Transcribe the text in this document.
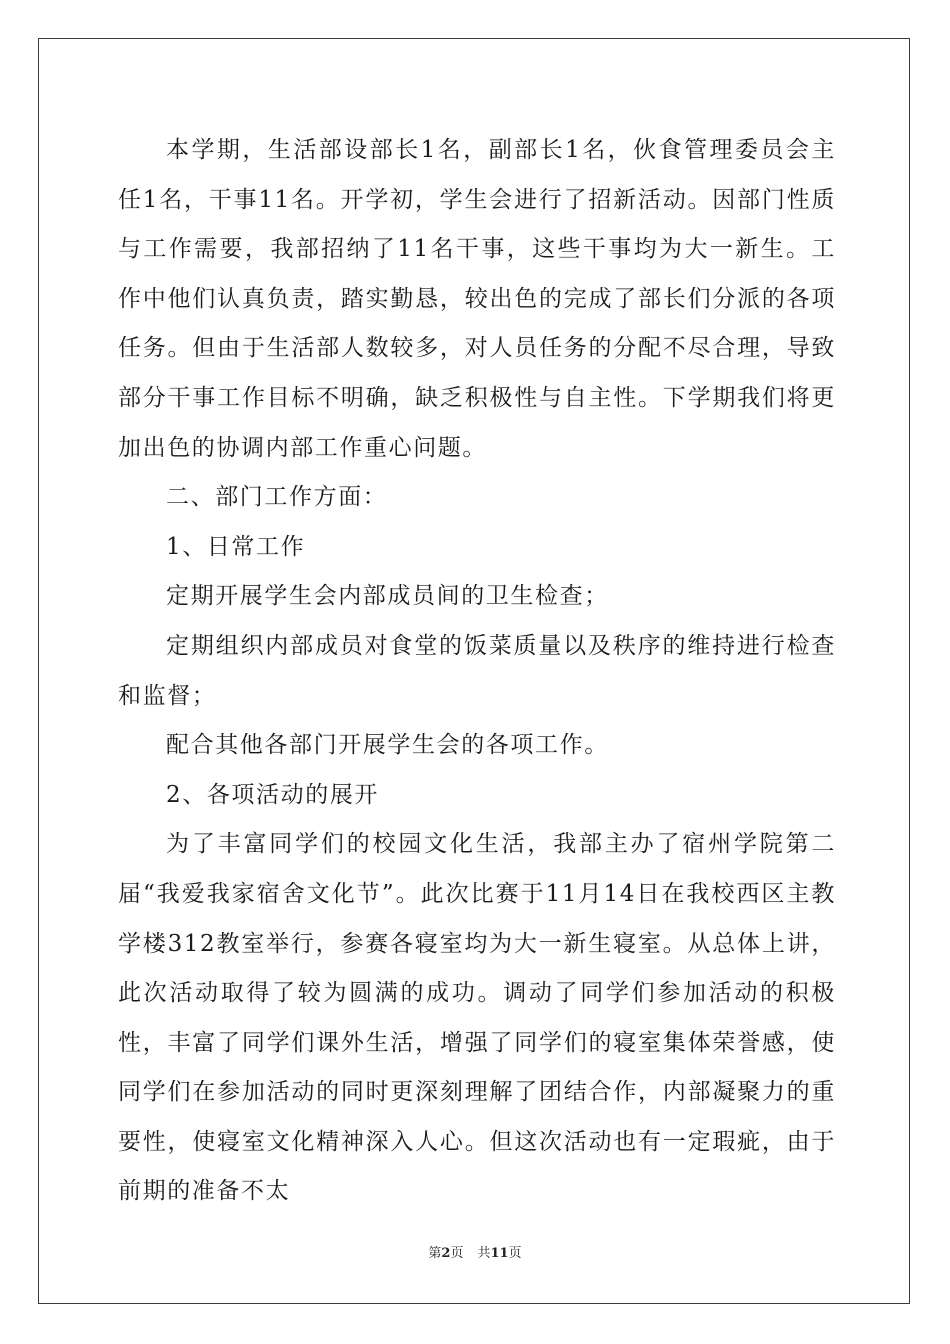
本学期，生活部设部长1名，副部长1名，伙食管理委员会主任1名，干事11名。开学初，学生会进行了招新活动。因部门性质与工作需要，我部招纳了11名干事，这些干事均为大一新生。工作中他们认真负责，踏实勤恳，较出色的完成了部长们分派的各项任务。但由于生活部人数较多，对人员任务的分配不尽合理，导致部分干事工作目标不明确，缺乏积极性与自主性。下学期我们将更加出色的协调内部工作重心问题。

二、部门工作方面：

1、日常工作

定期开展学生会内部成员间的卫生检查；

定期组织内部成员对食堂的饭菜质量以及秩序的维持进行检查和监督；

配合其他各部门开展学生会的各项工作。

2、各项活动的展开

为了丰富同学们的校园文化生活，我部主办了宿州学院第二届“我爱我家宿舍文化节”。此次比赛于11月14日在我校西区主教学楼312教室举行，参赛各寝室均为大一新生寝室。从总体上讲，此次活动取得了较为圆满的成功。调动了同学们参加活动的积极性，丰富了同学们课外生活，增强了同学们的寝室集体荣誉感，使同学们在参加活动的同时更深刻理解了团结合作，内部凝聚力的重要性，使寝室文化精神深入人心。但这次活动也有一定瑕疵，由于前期的准备不太

第2页 共11页
